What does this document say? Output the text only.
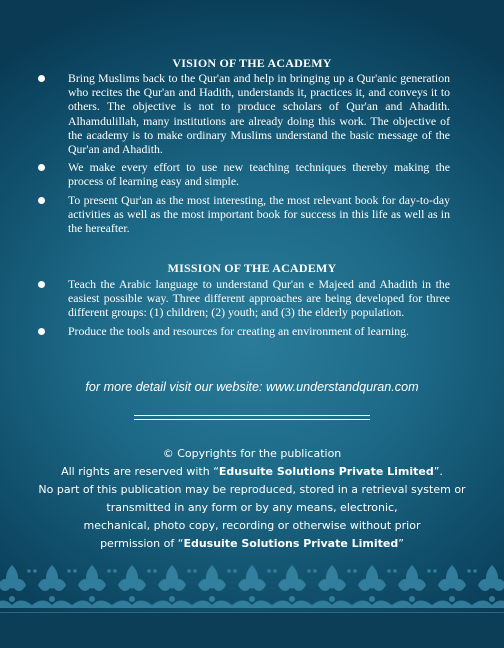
VISION OF THE ACADEMY
Bring Muslims back to the Qur'an and help in bringing up a Qur'anic generation who recites the Qur'an and Hadith, understands it, practices it, and conveys it to others. The objective is not to produce scholars of Qur'an and Ahadith. Alhamdulillah, many institutions are already doing this work. The objective of the academy is to make ordinary Muslims understand the basic message of the Qur'an and Ahadith.
We make every effort to use new teaching techniques thereby making the process of learning easy and simple.
To present Qur'an as the most interesting, the most relevant book for day-to-day activities as well as the most important book for success in this life as well as in the hereafter.
MISSION OF THE ACADEMY
Teach the Arabic language to understand Qur'an e Majeed and Ahadith in the easiest possible way. Three different approaches are being developed for three different groups: (1) children; (2) youth; and (3) the elderly population.
Produce the tools and resources for creating an environment of learning.
for more detail visit our website: www.understandquran.com
© Copyrights for the publication
All rights are reserved with “Edusuite Solutions Private Limited”.
No part of this publication may be reproduced, stored in a retrieval system or
transmitted in any form or by any means, electronic,
mechanical, photo copy, recording or otherwise without prior
permission of “Edusuite Solutions Private Limited”
